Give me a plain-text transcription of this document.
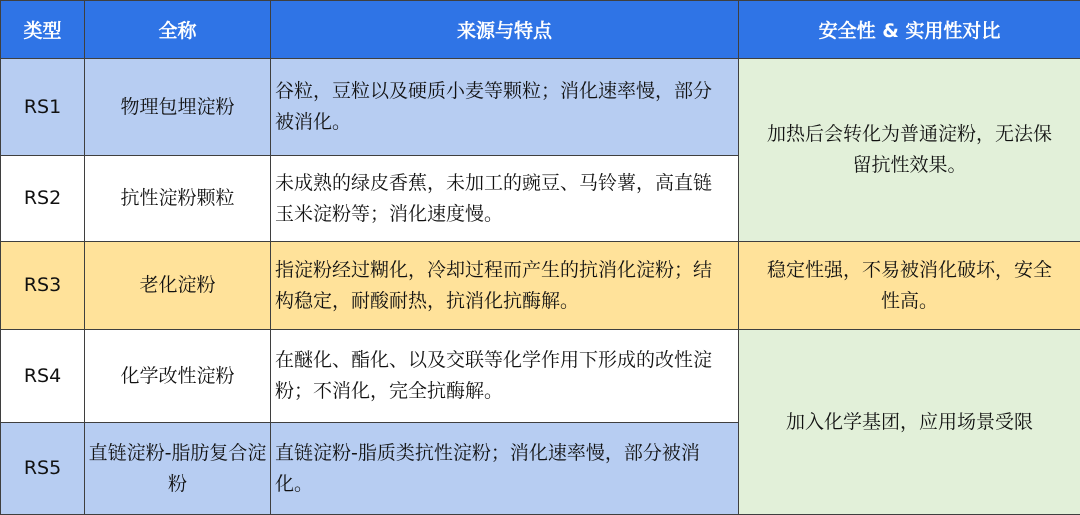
类型	全称	来源与特点	安全性 & 实用性对比
RS1	物理包埋淀粉	谷粒，豆粒以及硬质小麦等颗粒；消化速率慢，部分被消化。	加热后会转化为普通淀粉，无法保留抗性效果。
RS2	抗性淀粉颗粒	未成熟的绿皮香蕉，未加工的豌豆、马铃薯，高直链玉米淀粉等；消化速度慢。	
RS3	老化淀粉	指淀粉经过糊化，冷却过程而产生的抗消化淀粉；结构稳定，耐酸耐热，抗消化抗酶解。	稳定性强，不易被消化破坏，安全性高。
RS4	化学改性淀粉	在醚化、酯化、以及交联等化学作用下形成的改性淀粉；不消化，完全抗酶解。	加入化学基团，应用场景受限
RS5	直链淀粉-脂肪复合淀粉	直链淀粉-脂质类抗性淀粉；消化速率慢，部分被消化。	
